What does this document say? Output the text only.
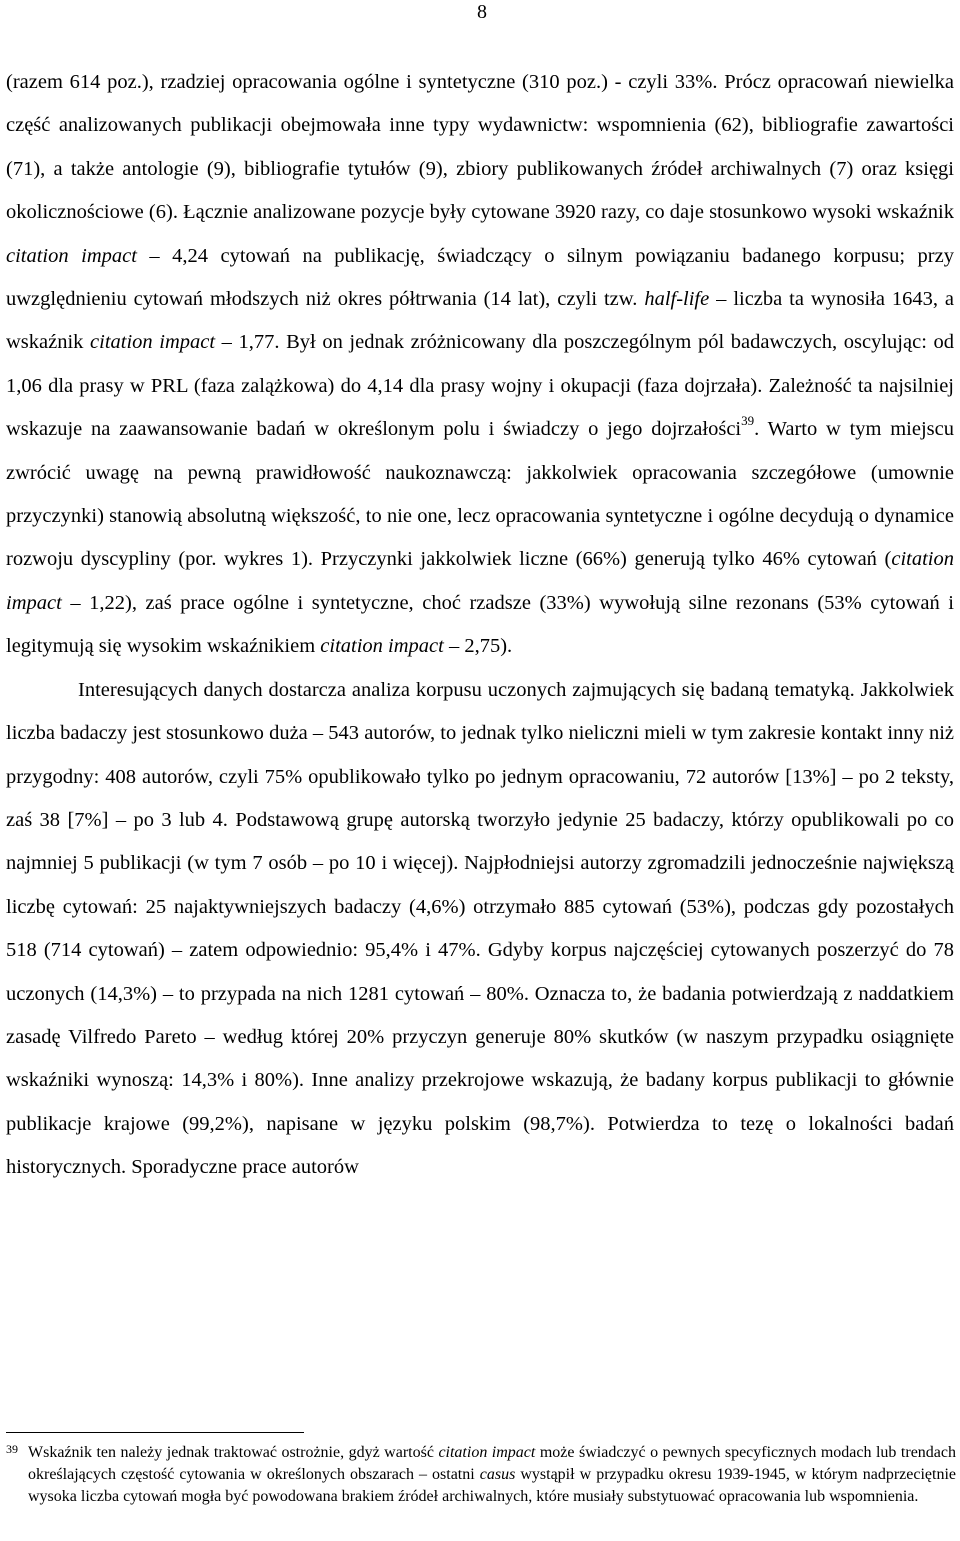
8

(razem 614 poz.), rzadziej opracowania ogólne i syntetyczne (310 poz.) - czyli 33%. Prócz opracowań niewielka część analizowanych publikacji obejmowała inne typy wydawnictw: wspomnienia (62), bibliografie zawartości (71), a także antologie (9), bibliografie tytułów (9), zbiory publikowanych źródeł archiwalnych (7) oraz księgi okolicznościowe (6). Łącznie analizowane pozycje były cytowane 3920 razy, co daje stosunkowo wysoki wskaźnik citation impact – 4,24 cytowań na publikację, świadczący o silnym powiązaniu badanego korpusu; przy uwzględnieniu cytowań młodszych niż okres półtrwania (14 lat), czyli tzw. half-life – liczba ta wynosiła 1643, a wskaźnik citation impact – 1,77. Był on jednak zróżnicowany dla poszczególnym pól badawczych, oscylując: od 1,06 dla prasy w PRL (faza zalążkowa) do 4,14 dla prasy wojny i okupacji (faza dojrzała). Zależność ta najsilniej wskazuje na zaawansowanie badań w określonym polu i świadczy o jego dojrzałości$^{39}$. Warto w tym miejscu zwrócić uwagę na pewną prawidłowość naukoznawczą: jakkolwiek opracowania szczegółowe (umownie przyczynki) stanowią absolutną większość, to nie one, lecz opracowania syntetyczne i ogólne decydują o dynamice rozwoju dyscypliny (por. wykres 1). Przyczynki jakkolwiek liczne (66%) generują tylko 46% cytowań (citation impact – 1,22), zaś prace ogólne i syntetyczne, choć rzadsze (33%) wywołują silne rezonans (53% cytowań i legitymują się wysokim wskaźnikiem citation impact – 2,75).

Interesujących danych dostarcza analiza korpusu uczonych zajmujących się badaną tematyką. Jakkolwiek liczba badaczy jest stosunkowo duża – 543 autorów, to jednak tylko nieliczni mieli w tym zakresie kontakt inny niż przygodny: 408 autorów, czyli 75% opublikowało tylko po jednym opracowaniu, 72 autorów [13%] – po 2 teksty, zaś 38 [7%] – po 3 lub 4. Podstawową grupę autorską tworzyło jedynie 25 badaczy, którzy opublikowali po co najmniej 5 publikacji (w tym 7 osób – po 10 i więcej). Najpłodniejsi autorzy zgromadzili jednocześnie największą liczbę cytowań: 25 najaktywniejszych badaczy (4,6%) otrzymało 885 cytowań (53%), podczas gdy pozostałych 518 (714 cytowań) – zatem odpowiednio: 95,4% i 47%. Gdyby korpus najczęściej cytowanych poszerzyć do 78 uczonych (14,3%) – to przypada na nich 1281 cytowań – 80%. Oznacza to, że badania potwierdzają z naddatkiem zasadę Vilfredo Pareto – według której 20% przyczyn generuje 80% skutków (w naszym przypadku osiągnięte wskaźniki wynoszą: 14,3% i 80%). Inne analizy przekrojowe wskazują, że badany korpus publikacji to głównie publikacje krajowe (99,2%), napisane w języku polskim (98,7%). Potwierdza to tezę o lokalności badań historycznych. Sporadyczne prace autorów

39 Wskaźnik ten należy jednak traktować ostrożnie, gdyż wartość citation impact może świadczyć o pewnych specyficznych modach lub trendach określających częstość cytowania w określonych obszarach – ostatni casus wystąpił w przypadku okresu 1939-1945, w którym nadprzeciętnie wysoka liczba cytowań mogła być powodowana brakiem źródeł archiwalnych, które musiały substytuować opracowania lub wspomnienia.
